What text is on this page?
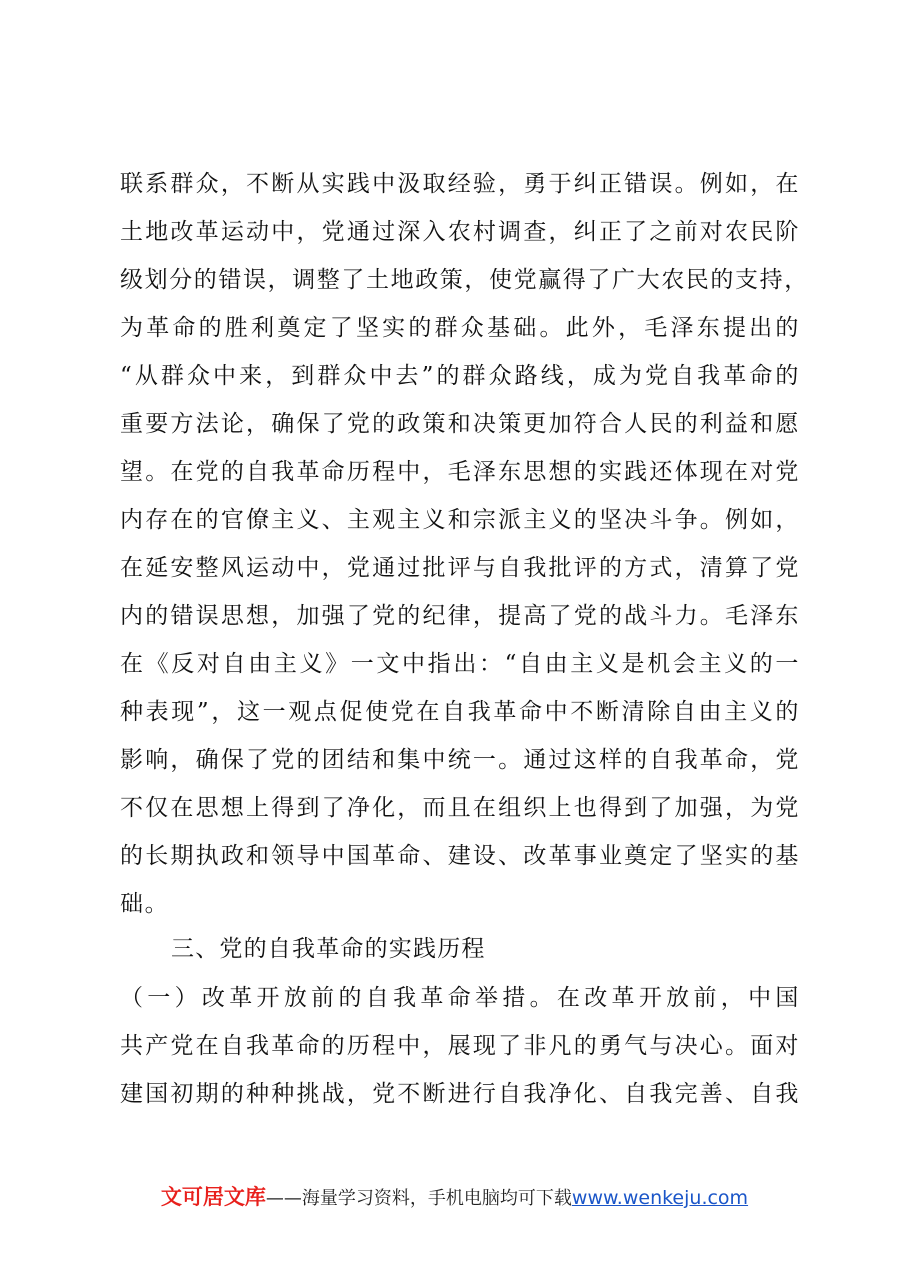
联系群众，不断从实践中汲取经验，勇于纠正错误。例如，在
土地改革运动中，党通过深入农村调查，纠正了之前对农民阶
级划分的错误，调整了土地政策，使党赢得了广大农民的支持，
为革命的胜利奠定了坚实的群众基础。此外，毛泽东提出的
“从群众中来，到群众中去”的群众路线，成为党自我革命的
重要方法论，确保了党的政策和决策更加符合人民的利益和愿
望。在党的自我革命历程中，毛泽东思想的实践还体现在对党
内存在的官僚主义、主观主义和宗派主义的坚决斗争。例如，
在延安整风运动中，党通过批评与自我批评的方式，清算了党
内的错误思想，加强了党的纪律，提高了党的战斗力。毛泽东
在《反对自由主义》一文中指出：“自由主义是机会主义的一
种表现”，这一观点促使党在自我革命中不断清除自由主义的
影响，确保了党的团结和集中统一。通过这样的自我革命，党
不仅在思想上得到了净化，而且在组织上也得到了加强，为党
的长期执政和领导中国革命、建设、改革事业奠定了坚实的基
础。
三、党的自我革命的实践历程
（一）改革开放前的自我革命举措。在改革开放前，中国
共产党在自我革命的历程中，展现了非凡的勇气与决心。面对
建国初期的种种挑战，党不断进行自我净化、自我完善、自我
文可居文库——海量学习资料，手机电脑均可下载www.wenkeju.com
